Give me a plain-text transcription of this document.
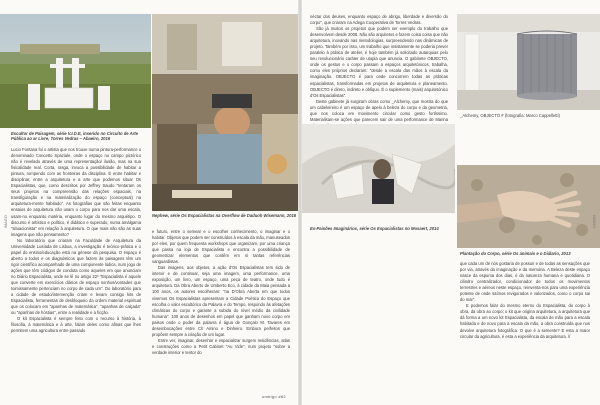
Escultor de Paisagem, série V.I.D.E, inserido no Circuito de Arte Pública ao ar Livre, Torres Vedras – Abaeiro, 2016
Nephew, série Os Espacialistas na Overflow de Daduoh Wisemann, 2016
IMAGO

Lucio Fontana foi o artista que nos trouxe numa pintura-performance o denominado Concetto Spaziale, onde o espaço no campo pictórico não é revelado através de uma representação/ ilusão, mas na sua fisicalidade real. Corta, rasga, invoca a possibilidade de habitar a pintura, rompendo com as fronteiras da disciplina. É entre habitar e disciplinar, entre a arquitetura e a arte que podemos situar Os Espacialistas, que, como descritos por Jeffrey Saudo "tentaram os seus projetos na compreensão das relações espaciais, na transfiguração e na materialização do espaço (conceptual) na arquitetura-mente habitado". As fotografias que são feitas enquanto ensaios de arquitetura não usam o corpo para nos dar uma escala, usam-no enquanto matéria, enquanto lugar do mesmo arquétipo. O discurso é artístico e político, é didático e superado, numa amálgama "situacionista" em relação à arquitetura. O que mais não são as suas imagens que não pensamento?

No laboratório que criaram na Faculdade de Arquitetura da Universidade Lusíada de Lisboa, a investigação é teórico-prática e o papel do ensino/educação está na génese da pesquisa. O espaço é aberto a todos e os diagnósticos que fazem às paisagens têm um rigor científico acompanhado de uma componente lúdica, num jogo de ações que têm códigos de conduta como aqueles em que anunciam no Diário Espacialista, onde se lê no artigo 22º "Espacialista é aquele que converte em exercícios diários de espaço sonhos/vontades que toimissamente pertenciam no corpo de cada um". Do laboratório para a cidade de estudo/intervenção criam e levam consigo kits de Espacialista, ferramentas de desbloqueio da ordem material espiritual que os colocam em "apanhas de matemática", "apanhas de calçada" ou "apanhas de hóstias", entre a realidade e a ficção.

O kit Espacialista é sempre feito com o recurso à história, à filosofia, à matemática e à arte, falam deles como afinas que lhes permitem uma agricultura entre passado

e futuro, entre o semear e o escolher conhecimento, o imaginar e o habitar. Objetos que podem ser construídos à escala da mão, manuseados por eles, por quem frequenta workshops que organizam, por uma criança que passa na loja de Espacialista e encontra a possibilidade de geometrizar elementos que contêm em si tantas referências vanguardistas.

Das imagens, aos objetos, a ação d'Os Espacialistas tem sido de intervir e de continuar, seja uma imagem, uma performance, uma exposição, um livro, um espaço, uma peça de teatro, onde tudo é arquitetura. Da Obra Aberto de Umberto Eco, à cidade da Maia pensada a 100 anos, os autores escolheram: "na D'Obra Aberta em que todos vivemos Os Espacialistas apresentam a Cidade Poética do Espaço que escolha o valor escultórico da Palavra e do Tempo, respondo às afetações climáticas do corpo e garante a subida do nível médio da civilidade humana". 100 anos de desenhos em papel que ganham novo corpo em paisos onde o poder da palavra é água de Gonçalo M. Tavares em desembocações entre Ch Amino e Dinheiro. Embora perfeitos que propõem sempre a criação de um lugar.

Entre ver, imaginar, desenhar e espacializar surgem residências, atlas e construções como a Petit Cabinet "Au Vide", num projeto "sobre a verdade interior e tentor do

umbigo #62

néctar dos deuses, enquanto espaço de abrigo, liberdade e diversão do corpo", que criaram na Adega Cooperativa de Torres Vedras.

São já muitos os projetos que podem ser exemplo do trabalho que desenvolvem desde 2008. Não são arquitetos e fazem coisa coisa que não arquitetura, inovando nas metodologias, surpreendendo nas dinâmicas de projeto. Também por isso, um trabalho que insistamente se poderia prever paralelo à prática de atelier, é hoje também já solicitado autarquias pelo seu revolucionário caráter de utopia que anuncia. O gabinete OBJECTO, onde os gestos e o corpo passam a espaços arquitetónicos, trabalha, como eles próprios declaram: "desde a escala das mãos à escala da imaginação. OBJECTO é para onde concorrem todas as práticas espacialistas, transformadas em projetos de arquitetura e planeamento. OBJECTO é direto, indireto e oblíquo. É o suplemento (mais) arquitetónico d'Os Espacialistas".

Deste gabinete já surgiram obras como _Alchemy, que mostra do que um cabeleireiro é um espaço de apelo à beleza do corpo e da geometria, que nos coloca em movimento circular como gesto fortíssimo. Materialisam-se ações que parecem sair de uma performance de Marina

_Alchemy, OBJECTO # (fotografia: Marco Cappelletti)
Ex-Paisões Imaginários, série Os Espacialistas no Mosaert, 2014
Plantação do Corpo, série Os animais e o Diálario, 2013

que cada um de nós gostaria de possuir e de todas as sensações que por via, através da imaginação e da memória. A Beleza deste espaço nasce da espuma dos dias, é da natureza humana e quotidiana. O cilindro centralizador, condicionador de todos os movimentos terrestres e aéreos neste espaço, reinventa-nos para uma experiência potente de onde saímos revigorados e valorizados, como o corpo sai do mar".

E podemos falar do mesmo eterno do Espacialista, do corpo à obra, da obra ao corpo; o kit que origina arquitetura, a arquitetura que dá forma a um novo kit Espacialista, da escala de mão para a escala habitada e de novo para a escala da mão, a obra construída que nos devolve arquitetura fotográfica. O que é a semente? E esta a maior circular da agricultura, é esta a experiência da arquitetura. //

IMAGO
